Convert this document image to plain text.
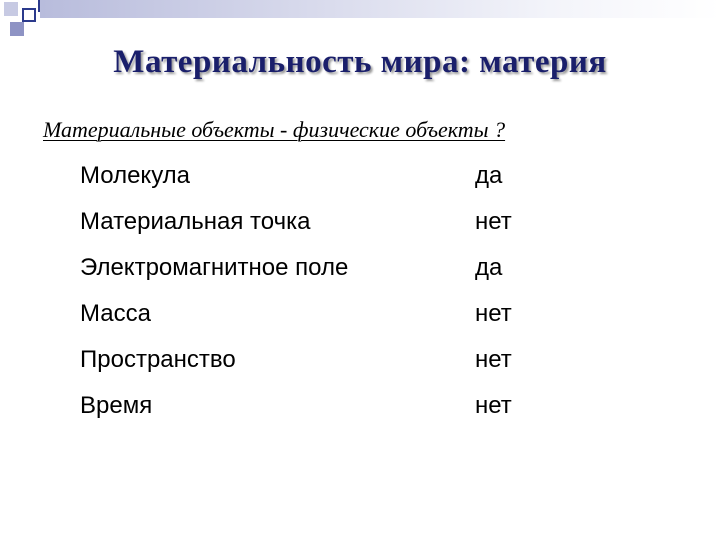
Материальность мира: материя
Материальные объекты - физические объекты ?
Молекула	да
Материальная точка	нет
Электромагнитное поле	да
Масса	нет
Пространство	нет
Время	нет
